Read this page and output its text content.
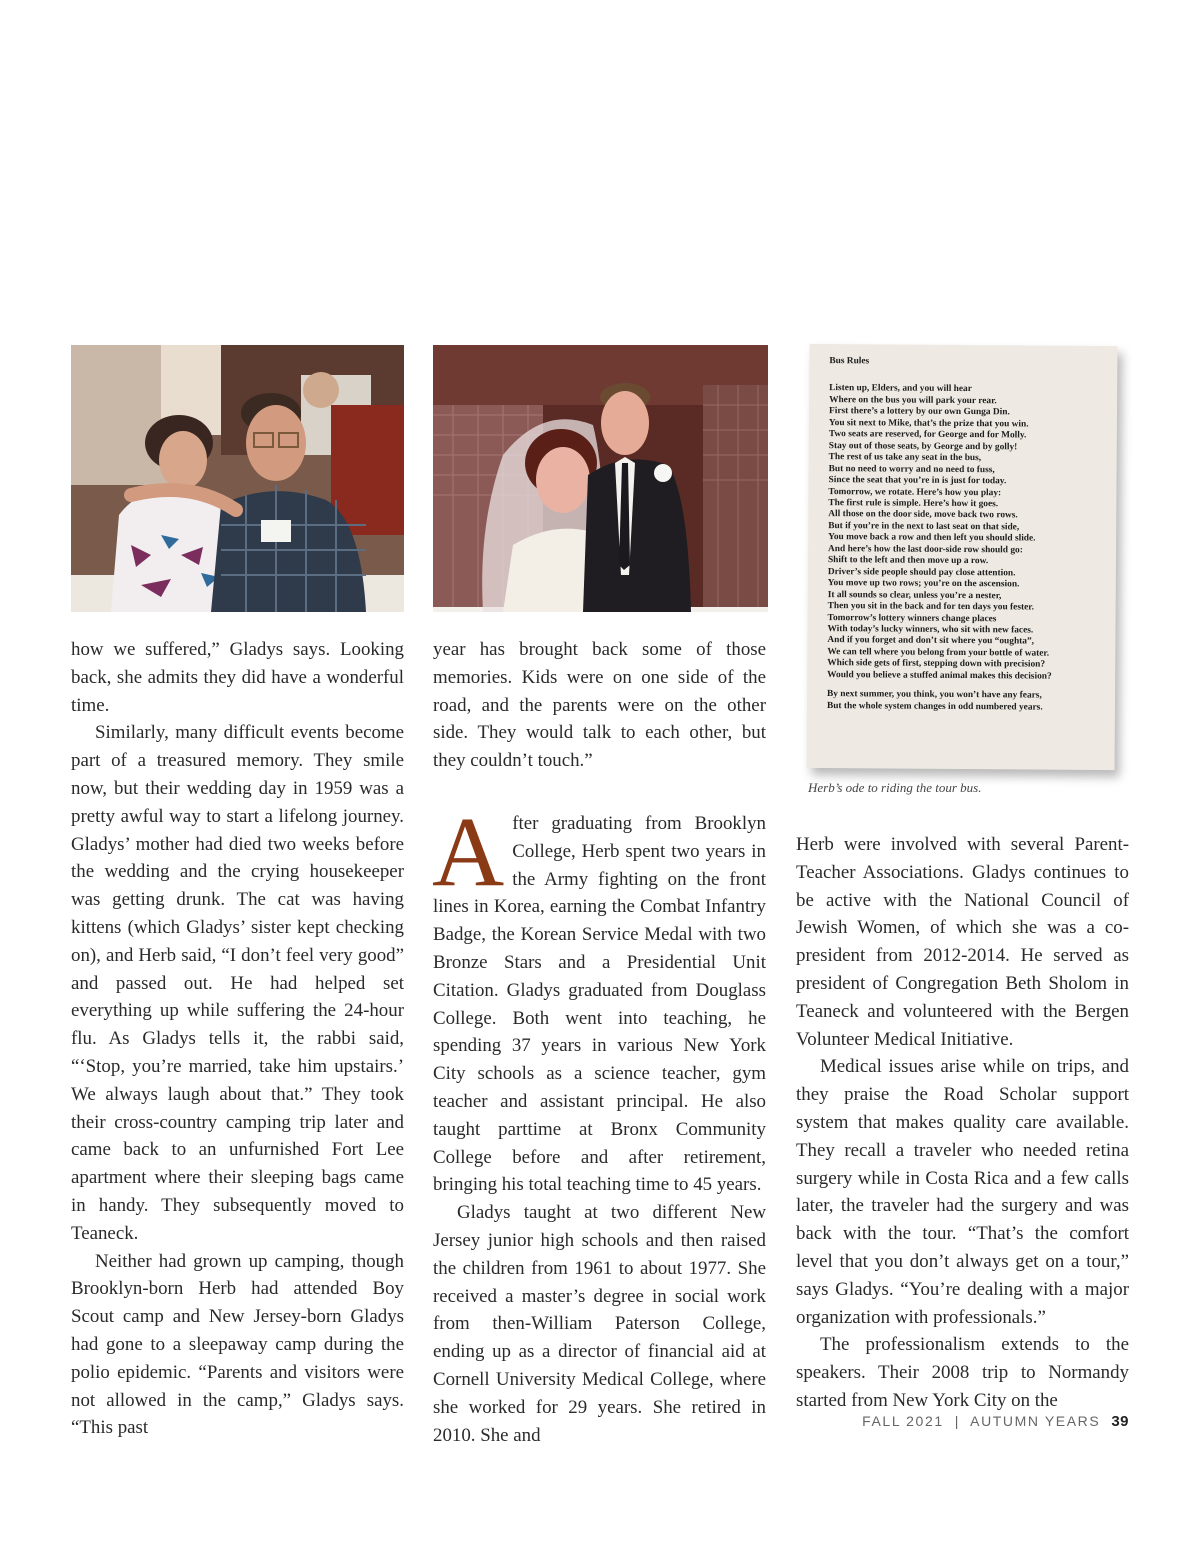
Bus Rules
Listen up, Elders, and you will hear
Where on the bus you will park your rear.
First there’s a lottery by our own Gunga Din.
You sit next to Mike, that’s the prize that you win.
Two seats are reserved, for George and for Molly.
Stay out of those seats, by George and by golly!
The rest of us take any seat in the bus,
But no need to worry and no need to fuss,
Since the seat that you’re in is just for today.
Tomorrow, we rotate. Here’s how you play:
The first rule is simple. Here’s how it goes.
All those on the door side, move back two rows.
But if you’re in the next to last seat on that side,
You move back a row and then left you should slide.
And here’s how the last door-side row should go:
Shift to the left and then move up a row.
Driver’s side people should pay close attention.
You move up two rows; you’re on the ascension.
It all sounds so clear, unless you’re a nester,
Then you sit in the back and for ten days you fester.
Tomorrow’s lottery winners change places
With today’s lucky winners, who sit with new faces.
And if you forget and don’t sit where you “oughta”,
We can tell where you belong from your bottle of water.
Which side gets of first, stepping down with precision?
Would you believe a stuffed animal makes this decision?
By next summer, you think, you won’t have any fears,
But the whole system changes in odd numbered years.
Herb’s ode to riding the tour bus.

how we suffered,” Gladys says. Looking back, she admits they did have a wonderful time.

Similarly, many difficult events become part of a treasured memory. They smile now, but their wedding day in 1959 was a pretty awful way to start a lifelong journey. Gladys’ mother had died two weeks before the wedding and the crying housekeeper was getting drunk. The cat was having kittens (which Gladys’ sister kept checking on), and Herb said, “I don’t feel very good” and passed out. He had helped set everything up while suffering the 24-hour flu. As Gladys tells it, the rabbi said, “‘Stop, you’re married, take him upstairs.’ We always laugh about that.” They took their cross-country camping trip later and came back to an unfurnished Fort Lee apartment where their sleeping bags came in handy. They subsequently moved to Teaneck.

Neither had grown up camping, though Brooklyn-born Herb had attended Boy Scout camp and New Jersey-born Gladys had gone to a sleepaway camp during the polio epidemic. “Parents and visitors were not allowed in the camp,” Gladys says. “This past

year has brought back some of those memories. Kids were on one side of the road, and the parents were on the other side. They would talk to each other, but they couldn’t touch.”

After graduating from Brooklyn College, Herb spent two years in the Army fighting on the front lines in Korea, earning the Combat Infantry Badge, the Korean Service Medal with two Bronze Stars and a Presidential Unit Citation. Gladys graduated from Douglass College. Both went into teaching, he spending 37 years in various New York City schools as a science teacher, gym teacher and assistant principal. He also taught parttime at Bronx Community College before and after retirement, bringing his total teaching time to 45 years.

Gladys taught at two different New Jersey junior high schools and then raised the children from 1961 to about 1977. She received a master’s degree in social work from then-William Paterson College, ending up as a director of financial aid at Cornell University Medical College, where she worked for 29 years. She retired in 2010. She and

Herb were involved with several Parent-Teacher Associations. Gladys continues to be active with the National Council of Jewish Women, of which she was a co-president from 2012-2014. He served as president of Congregation Beth Sholom in Teaneck and volunteered with the Bergen Volunteer Medical Initiative.

Medical issues arise while on trips, and they praise the Road Scholar support system that makes quality care available. They recall a traveler who needed retina surgery while in Costa Rica and a few calls later, the traveler had the surgery and was back with the tour. “That’s the comfort level that you don’t always get on a tour,” says Gladys. “You’re dealing with a major organization with professionals.”

The professionalism extends to the speakers. Their 2008 trip to Normandy started from New York City on the

FALL 2021  |  AUTUMN YEARS 39
